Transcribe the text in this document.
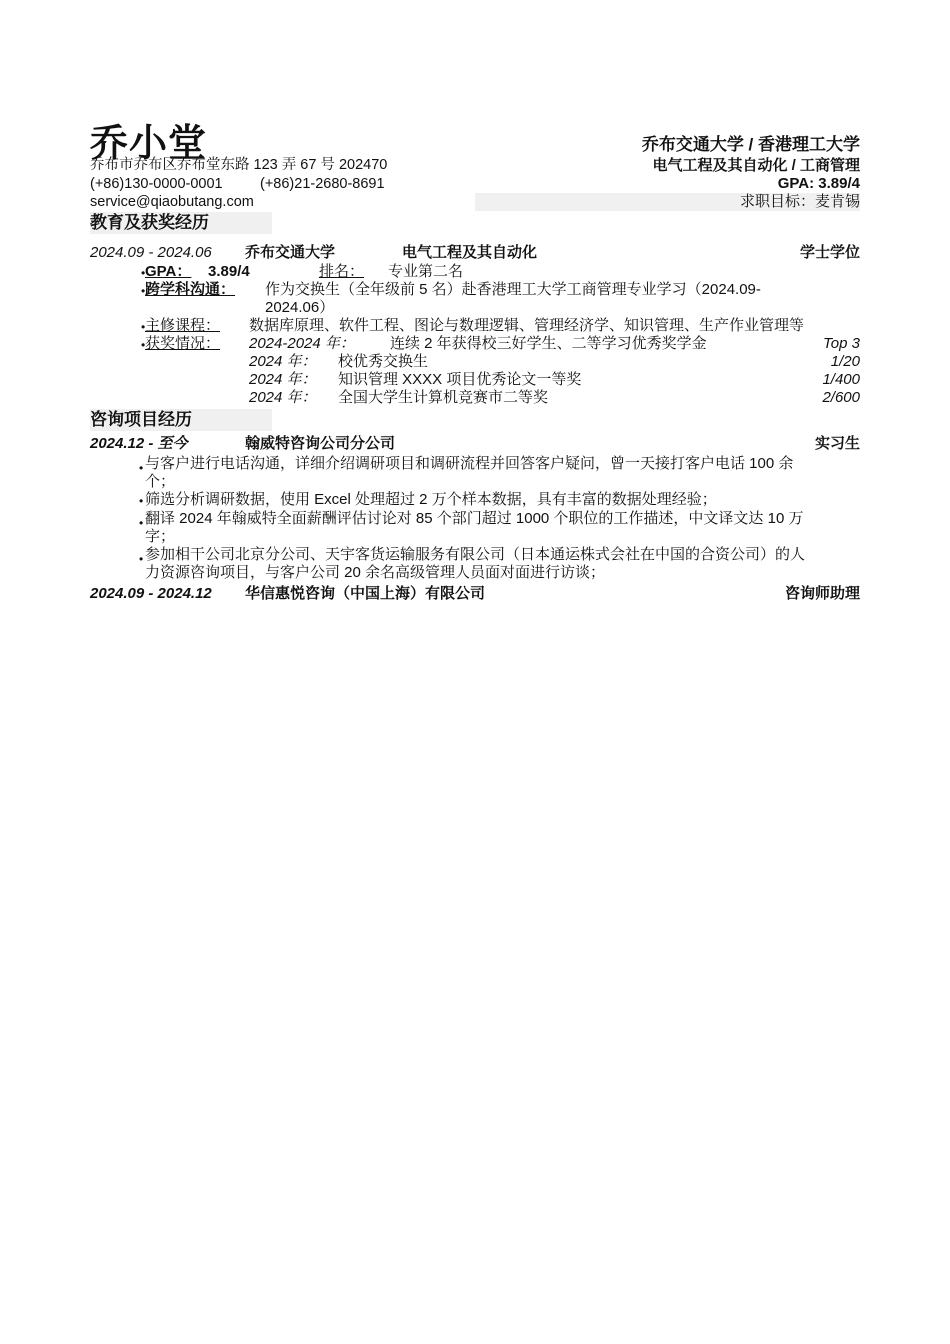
乔小堂
乔布市乔布区乔布堂东路 123 弄 67 号 202470
(+86)130-0000-0001	(+86)21-2680-8691
service@qiaobutang.com
乔布交通大学 / 香港理工大学
电气工程及其自动化 / 工商管理
GPA: 3.89/4
求职目标：麦肯锡
教育及获奖经历
2024.09 - 2024.06 乔布交通大学	电气工程及其自动化	学士学位
• GPA： 3.89/4	排名： 专业第二名
• 跨学科沟通： 作为交换生（全年级前 5 名）赴香港理工大学工商管理专业学习（2024.09-
2024.06）
• 主修课程： 数据库原理、软件工程、图论与数理逻辑、管理经济学、知识管理、生产作业管理等
• 获奖情况： 2024-2024 年： 连续 2 年获得校三好学生、二等学习优秀奖学金	Top 3
2024 年： 校优秀交换生	1/20
2024 年： 知识管理 XXXX 项目优秀论文一等奖	1/400
2024 年： 全国大学生计算机竞赛市二等奖	2/600
咨询项目经历
2024.12 - 至今	翰威特咨询公司分公司	实习生
• 与客户进行电话沟通，详细介绍调研项目和调研流程并回答客户疑问，曾一天接打客户电话 100 余
个；
• 筛选分析调研数据，使用 Excel 处理超过 2 万个样本数据，具有丰富的数据处理经验；
• 翻译 2024 年翰威特全面薪酬评估讨论对 85 个部门超过 1000 个职位的工作描述，中文译文达 10 万
字；
• 参加相干公司北京分公司、天宇客货运输服务有限公司（日本通运株式会社在中国的合资公司）的人
力资源咨询项目，与客户公司 20 余名高级管理人员面对面进行访谈；
2024.09 - 2024.12 华信惠悦咨询（中国上海）有限公司	咨询师助理
